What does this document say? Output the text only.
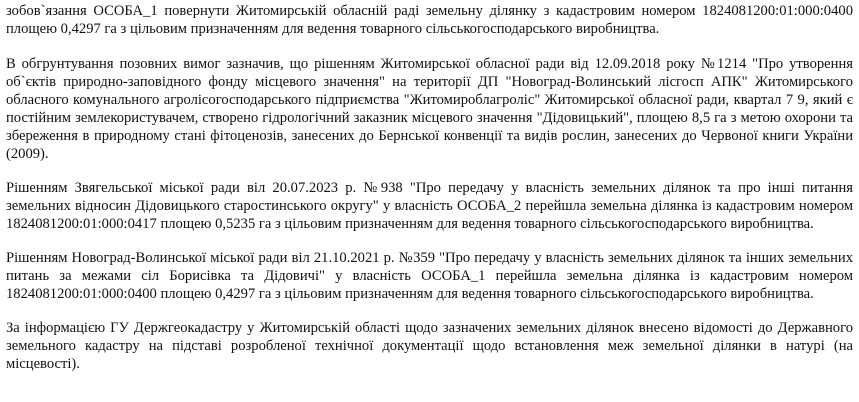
зобов`язання ОСОБА_1 повернути Житомирській обласній раді земельну ділянку з кадастровим номером 1824081200:01:000:0400 площею 0,4297 га з цільовим призначенням для ведення товарного сільськогосподарського виробництва.

В обгрунтування позовних вимог зазначив, що рішенням Житомирської обласної ради від 12.09.2018 року №1214 "Про утворення об`єктів природно-заповідного фонду місцевого значення" на території ДП "Новоград-Волинський лісгосп АПК" Житомирського обласного комунального агролісогосподарського підприємства "Житомироблагроліс" Житомирської обласної ради, квартал 7 9, який є постійним землекористувачем, створено гідрологічний заказник місцевого значення "Дідовицький", площею 8,5 га з метою охорони та збереження в природному стані фітоценозів, занесених до Бернської конвенції та видів рослин, занесених до Червоної книги України (2009).

Рішенням Звягельської міської ради віл 20.07.2023 р. №938 "Про передачу у власність земельних ділянок та про інші питання земельних відносин Дідовицького старостинського округу" у власність ОСОБА_2 перейшла земельна ділянка із кадастровим номером 1824081200:01:000:0417 площею 0,5235 га з цільовим призначенням для ведення товарного сільськогосподарського виробництва.

Рішенням Новоград-Волинської міської ради віл 21.10.2021 р. №359 "Про передачу у власність земельних ділянок та інших земельних питань за межами сіл Борисівка та Дідовичі" у власність ОСОБА_1 перейшла земельна ділянка із кадастровим номером 1824081200:01:000:0400 площею 0,4297 га з цільовим призначенням для ведення товарного сільськогосподарського виробництва.

За інформацією ГУ Держгеокадастру у Житомирській області щодо зазначених земельних ділянок внесено відомості до Державного земельного кадастру на підставі розробленої технічної документації щодо встановлення меж земельної ділянки в натурі (на місцевості).
